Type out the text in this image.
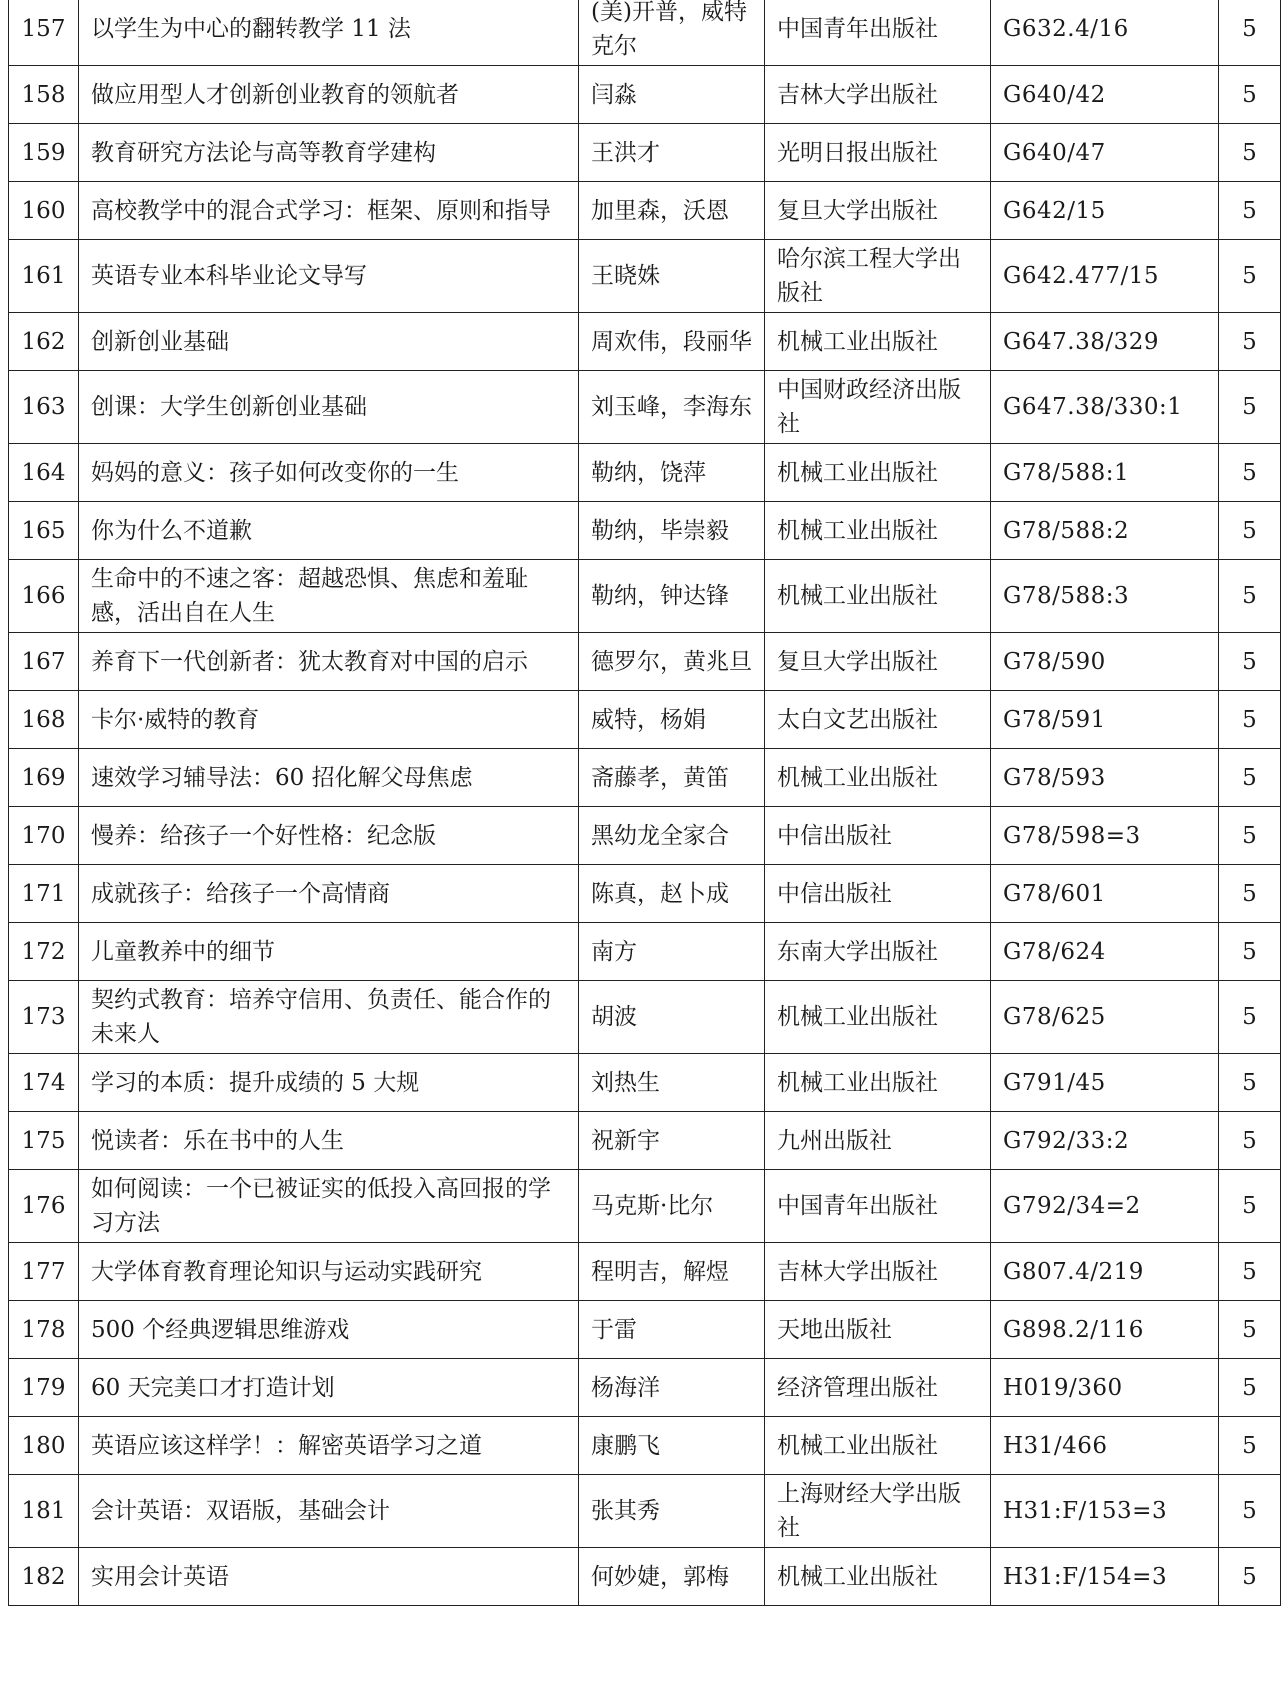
157	以学生为中心的翻转教学 11 法	(美)开普，威特克尔	中国青年出版社	G632.4/16	5
158	做应用型人才创新创业教育的领航者	闫淼	吉林大学出版社	G640/42	5
159	教育研究方法论与高等教育学建构	王洪才	光明日报出版社	G640/47	5
160	高校教学中的混合式学习：框架、原则和指导	加里森，沃恩	复旦大学出版社	G642/15	5
161	英语专业本科毕业论文导写	王晓姝	哈尔滨工程大学出版社	G642.477/15	5
162	创新创业基础	周欢伟，段丽华	机械工业出版社	G647.38/329	5
163	创课：大学生创新创业基础	刘玉峰，李海东	中国财政经济出版社	G647.38/330:1	5
164	妈妈的意义：孩子如何改变你的一生	勒纳，饶萍	机械工业出版社	G78/588:1	5
165	你为什么不道歉	勒纳，毕崇毅	机械工业出版社	G78/588:2	5
166	生命中的不速之客：超越恐惧、焦虑和羞耻感，活出自在人生	勒纳，钟达锋	机械工业出版社	G78/588:3	5
167	养育下一代创新者：犹太教育对中国的启示	德罗尔，黄兆旦	复旦大学出版社	G78/590	5
168	卡尔·威特的教育	威特，杨娟	太白文艺出版社	G78/591	5
169	速效学习辅导法：60 招化解父母焦虑	斋藤孝，黄笛	机械工业出版社	G78/593	5
170	慢养：给孩子一个好性格：纪念版	黑幼龙全家合	中信出版社	G78/598=3	5
171	成就孩子：给孩子一个高情商	陈真，赵卜成	中信出版社	G78/601	5
172	儿童教养中的细节	南方	东南大学出版社	G78/624	5
173	契约式教育：培养守信用、负责任、能合作的未来人	胡波	机械工业出版社	G78/625	5
174	学习的本质：提升成绩的 5 大规	刘热生	机械工业出版社	G791/45	5
175	悦读者：乐在书中的人生	祝新宇	九州出版社	G792/33:2	5
176	如何阅读：一个已被证实的低投入高回报的学习方法	马克斯·比尔	中国青年出版社	G792/34=2	5
177	大学体育教育理论知识与运动实践研究	程明吉，解煜	吉林大学出版社	G807.4/219	5
178	500 个经典逻辑思维游戏	于雷	天地出版社	G898.2/116	5
179	60 天完美口才打造计划	杨海洋	经济管理出版社	H019/360	5
180	英语应该这样学！：解密英语学习之道	康鹏飞	机械工业出版社	H31/466	5
181	会计英语：双语版，基础会计	张其秀	上海财经大学出版社	H31:F/153=3	5
182	实用会计英语	何妙婕，郭梅	机械工业出版社	H31:F/154=3	5
